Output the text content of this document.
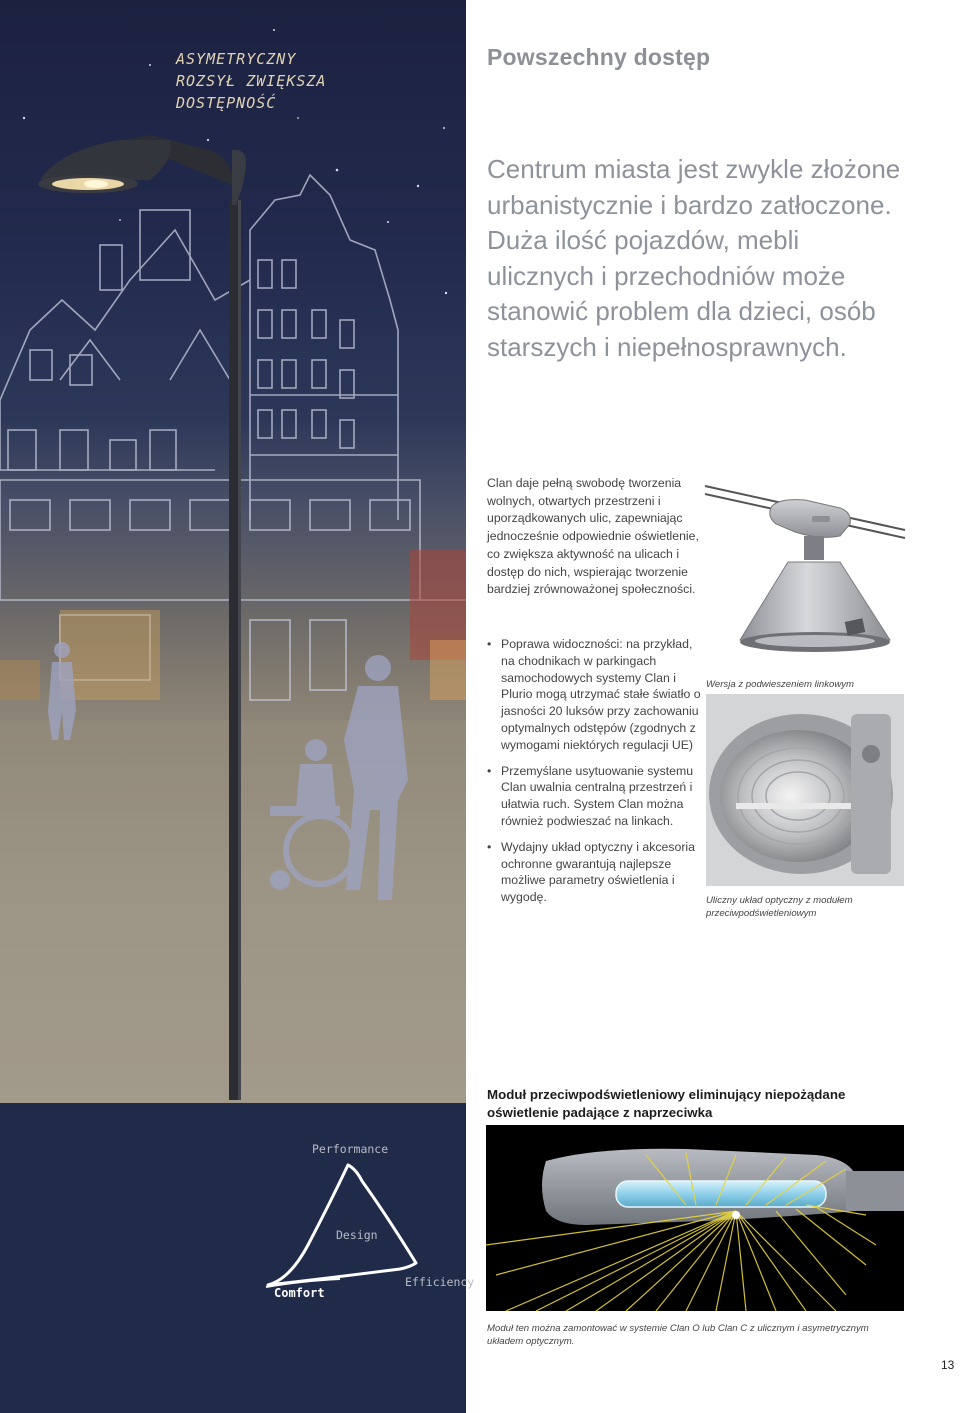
ASYMETRYCZNY
ROZSYŁ ZWIĘKSZA
DOSTĘPNOŚĆ
Powszechny dostęp
Centrum miasta jest zwykle złożone urbanistycznie i bardzo zatłoczone. Duża ilość pojazdów, mebli ulicznych i przechodniów może stanowić problem dla dzieci, osób starszych i niepełnosprawnych.
Clan daje pełną swobodę tworzenia wolnych, otwartych przestrzeni i uporządkowanych ulic, zapewniając jednocześnie odpowiednie oświetlenie, co zwiększa aktywność na ulicach i dostęp do nich, wspierając tworzenie bardziej zrównoważonej społeczności.
• Poprawa widoczności: na przykład, na chodnikach w parkingach samochodowych systemy Clan i Plurio mogą utrzymać stałe światło o jasności 20 luksów przy zachowaniu optymalnych odstępów (zgodnych z wymogami niektórych regulacji UE)
• Przemyślane usytuowanie systemu Clan uwalnia centralną przestrzeń i ułatwia ruch. System Clan można również podwieszać na linkach.
• Wydajny układ optyczny i akcesoria ochronne gwarantują najlepsze możliwe parametry oświetlenia i wygodę.
Wersja z podwieszeniem linkowym
Uliczny układ optyczny z modułem przeciwpodświetleniowym
Performance
Design
Efficiency
Comfort
Moduł przeciwpodświetleniowy eliminujący niepożądane oświetlenie padające z naprzeciwka
Moduł ten można zamontować w systemie Clan O lub Clan C z ulicznym i asymetrycznym układem optycznym.
13
